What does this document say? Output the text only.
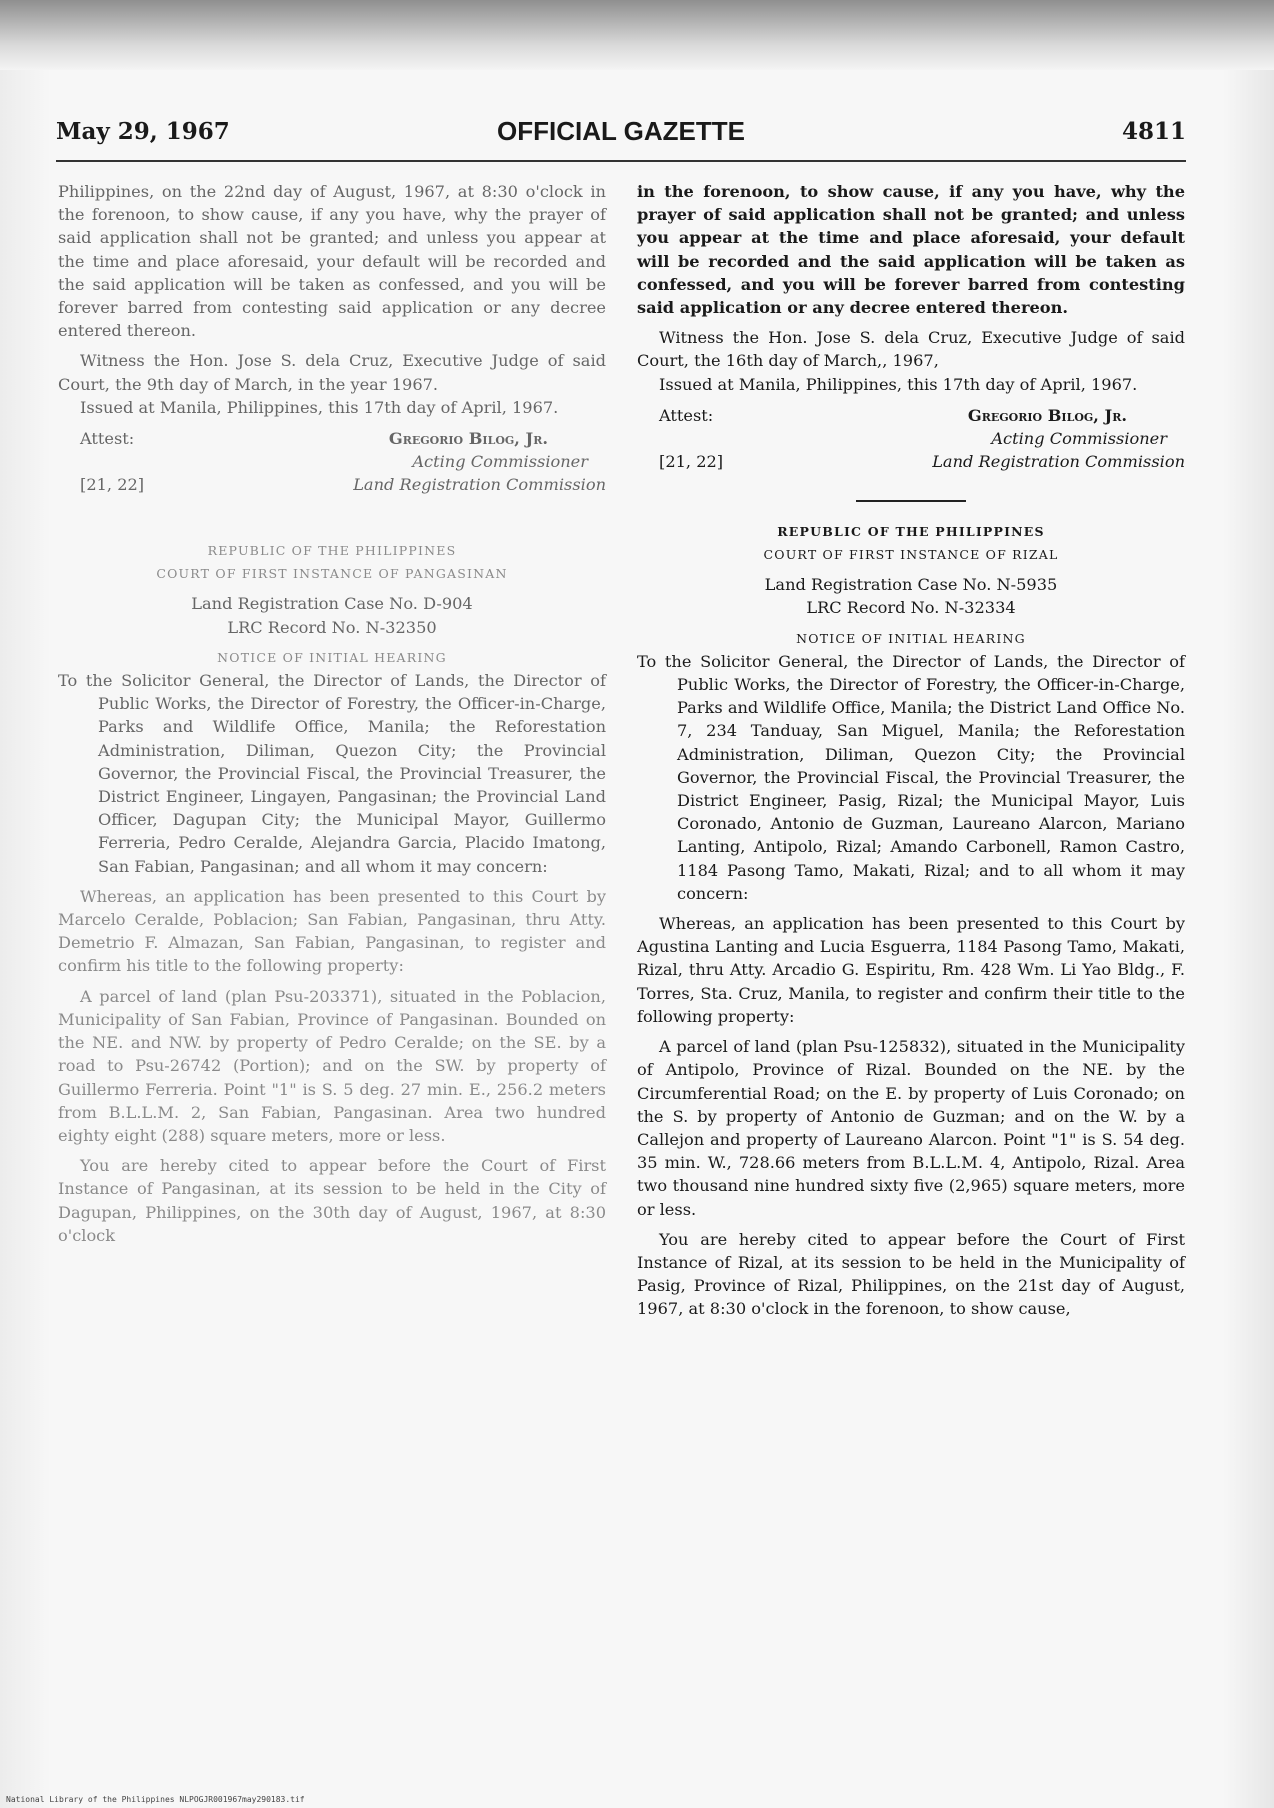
May 29, 1967	OFFICIAL GAZETTE	4811

Philippines, on the 22nd day of August, 1967, at 8:30 o'clock in the forenoon, to show cause, if any you have, why the prayer of said application shall not be granted; and unless you appear at the time and place aforesaid, your default will be recorded and the said application will be taken as confessed, and you will be forever barred from contesting said application or any decree entered thereon.

Witness the Hon. Jose S. dela Cruz, Executive Judge of said Court, the 9th day of March, in the year 1967.

Issued at Manila, Philippines, this 17th day of April, 1967.

Attest:
[21, 22]
Gregorio Bilog, Jr.
Acting Commissioner
Land Registration Commission

REPUBLIC OF THE PHILIPPINES

COURT OF FIRST INSTANCE OF PANGASINAN

Land Registration Case No. D-904

LRC Record No. N-32350

NOTICE OF INITIAL HEARING

To the Solicitor General, the Director of Lands, the Director of Public Works, the Director of Forestry, the Officer-in-Charge, Parks and Wildlife Office, Manila; the Reforestation Administration, Diliman, Quezon City; the Provincial Governor, the Provincial Fiscal, the Provincial Treasurer, the District Engineer, Lingayen, Pangasinan; the Provincial Land Officer, Dagupan City; the Municipal Mayor, Guillermo Ferreria, Pedro Ceralde, Alejandra Garcia, Placido Imatong, San Fabian, Pangasinan; and all whom it may concern:

Whereas, an application has been presented to this Court by Marcelo Ceralde, Poblacion; San Fabian, Pangasinan, thru Atty. Demetrio F. Almazan, San Fabian, Pangasinan, to register and confirm his title to the following property:

A parcel of land (plan Psu-203371), situated in the Poblacion, Municipality of San Fabian, Province of Pangasinan. Bounded on the NE. and NW. by property of Pedro Ceralde; on the SE. by a road to Psu-26742 (Portion); and on the SW. by property of Guillermo Ferreria. Point "1" is S. 5 deg. 27 min. E., 256.2 meters from B.L.L.M. 2, San Fabian, Pangasinan. Area two hundred eighty eight (288) square meters, more or less.

You are hereby cited to appear before the Court of First Instance of Pangasinan, at its session to be held in the City of Dagupan, Philippines, on the 30th day of August, 1967, at 8:30 o'clock

in the forenoon, to show cause, if any you have, why the prayer of said application shall not be granted; and unless you appear at the time and place aforesaid, your default will be recorded and the said application will be taken as confessed, and you will be forever barred from contesting said application or any decree entered thereon.

Witness the Hon. Jose S. dela Cruz, Executive Judge of said Court, the 16th day of March,, 1967,

Issued at Manila, Philippines, this 17th day of April, 1967.

Attest:
[21, 22]
Gregorio Bilog, Jr.
Acting Commissioner
Land Registration Commission

REPUBLIC OF THE PHILIPPINES

COURT OF FIRST INSTANCE OF RIZAL

Land Registration Case No. N-5935

LRC Record No. N-32334

NOTICE OF INITIAL HEARING

To the Solicitor General, the Director of Lands, the Director of Public Works, the Director of Forestry, the Officer-in-Charge, Parks and Wildlife Office, Manila; the District Land Office No. 7, 234 Tanduay, San Miguel, Manila; the Reforestation Administration, Diliman, Quezon City; the Provincial Governor, the Provincial Fiscal, the Provincial Treasurer, the District Engineer, Pasig, Rizal; the Municipal Mayor, Luis Coronado, Antonio de Guzman, Laureano Alarcon, Mariano Lanting, Antipolo, Rizal; Amando Carbonell, Ramon Castro, 1184 Pasong Tamo, Makati, Rizal; and to all whom it may concern:

Whereas, an application has been presented to this Court by Agustina Lanting and Lucia Esguerra, 1184 Pasong Tamo, Makati, Rizal, thru Atty. Arcadio G. Espiritu, Rm. 428 Wm. Li Yao Bldg., F. Torres, Sta. Cruz, Manila, to register and confirm their title to the following property:

A parcel of land (plan Psu-125832), situated in the Municipality of Antipolo, Province of Rizal. Bounded on the NE. by the Circumferential Road; on the E. by property of Luis Coronado; on the S. by property of Antonio de Guzman; and on the W. by a Callejon and property of Laureano Alarcon. Point "1" is S. 54 deg. 35 min. W., 728.66 meters from B.L.L.M. 4, Antipolo, Rizal. Area two thousand nine hundred sixty five (2,965) square meters, more or less.

You are hereby cited to appear before the Court of First Instance of Rizal, at its session to be held in the Municipality of Pasig, Province of Rizal, Philippines, on the 21st day of August, 1967, at 8:30 o'clock in the forenoon, to show cause,

National Library of the Philippines NLPOGJR001967may290183.tif
